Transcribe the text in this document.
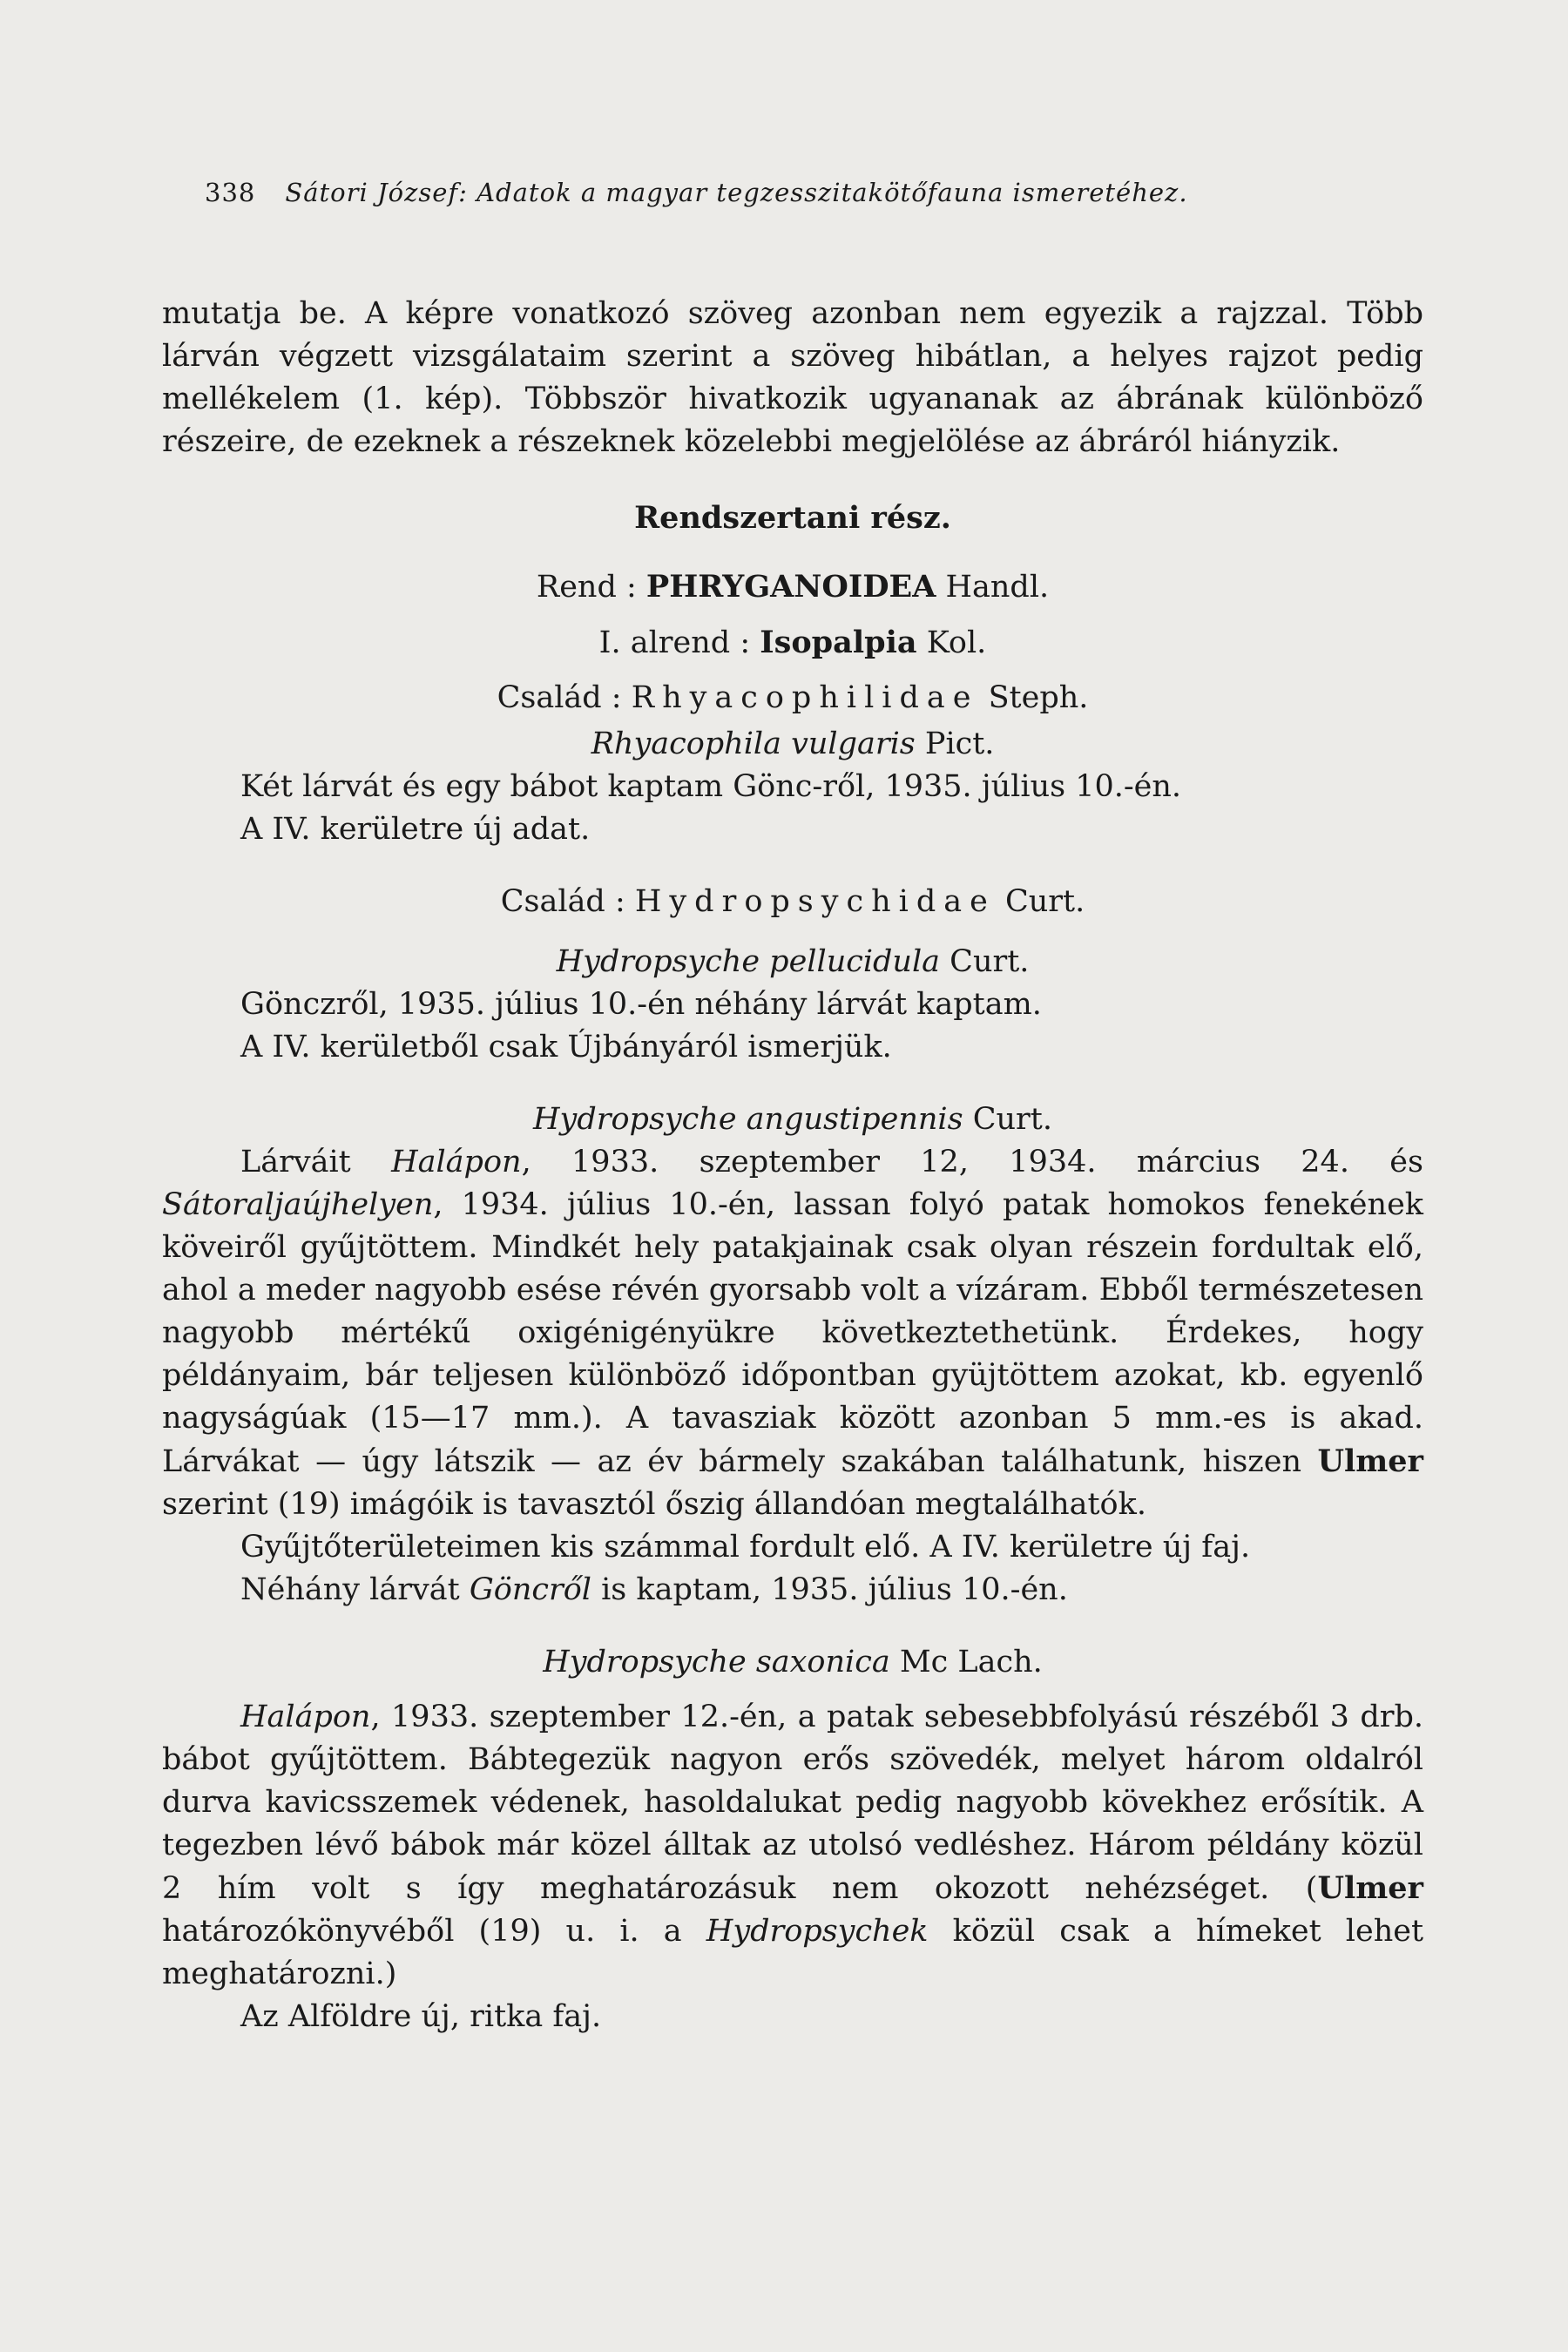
338 Sátori József: Adatok a magyar tegzesszitakötőfauna ismeretéhez.

mutatja be. A képre vonatkozó szöveg azonban nem egyezik a rajzzal. Több lárván végzett vizsgálataim szerint a szöveg hibátlan, a helyes rajzot pedig mellékelem (1. kép). Többször hivatkozik ugyananak az ábrának különböző részeire, de ezeknek a részeknek közelebbi megjelölése az ábráról hiányzik.

Rendszertani rész.

Rend : PHRYGANOIDEA Handl.

I. alrend : Isopalpia Kol.

Család : Rhyacophilidae Steph.

Rhyacophila vulgaris Pict.

Két lárvát és egy bábot kaptam Gönc-ről, 1935. július 10.-én.

A IV. kerületre új adat.

Család : Hydropsychidae Curt.

Hydropsyche pellucidula Curt.

Gönczről, 1935. július 10.-én néhány lárvát kaptam.

A IV. kerületből csak Újbányáról ismerjük.

Hydropsyche angustipennis Curt.

Lárváit Halápon, 1933. szeptember 12, 1934. március 24. és Sátoraljaújhelyen, 1934. július 10.-én, lassan folyó patak homokos fenekének köveiről gyűjtöttem. Mindkét hely patakjainak csak olyan részein fordultak elő, ahol a meder nagyobb esése révén gyorsabb volt a vízáram. Ebből természetesen nagyobb mértékű oxigénigényükre következtethetünk. Érdekes, hogy példányaim, bár teljesen különböző időpontban gyüjtöttem azokat, kb. egyenlő nagyságúak (15—17 mm.). A tavasziak között azonban 5 mm.-es is akad. Lárvákat — úgy látszik — az év bármely szakában találhatunk, hiszen Ulmer szerint (19) imágóik is tavasztól őszig állandóan megtalálhatók.

Gyűjtőterületeimen kis számmal fordult elő. A IV. kerületre új faj.

Néhány lárvát Göncről is kaptam, 1935. július 10.-én.

Hydropsyche saxonica Mc Lach.

Halápon, 1933. szeptember 12.-én, a patak sebesebbfolyású részéből 3 drb. bábot gyűjtöttem. Bábtegezük nagyon erős szövedék, melyet három oldalról durva kavicsszemek védenek, hasoldalukat pedig nagyobb kövekhez erősítik. A tegezben lévő bábok már közel álltak az utolsó vedléshez. Három példány közül 2 hím volt s így meghatározásuk nem okozott nehézséget. (Ulmer határozókönyvéből (19) u. i. a Hydropsychek közül csak a hímeket lehet meghatározni.)

Az Alföldre új, ritka faj.
